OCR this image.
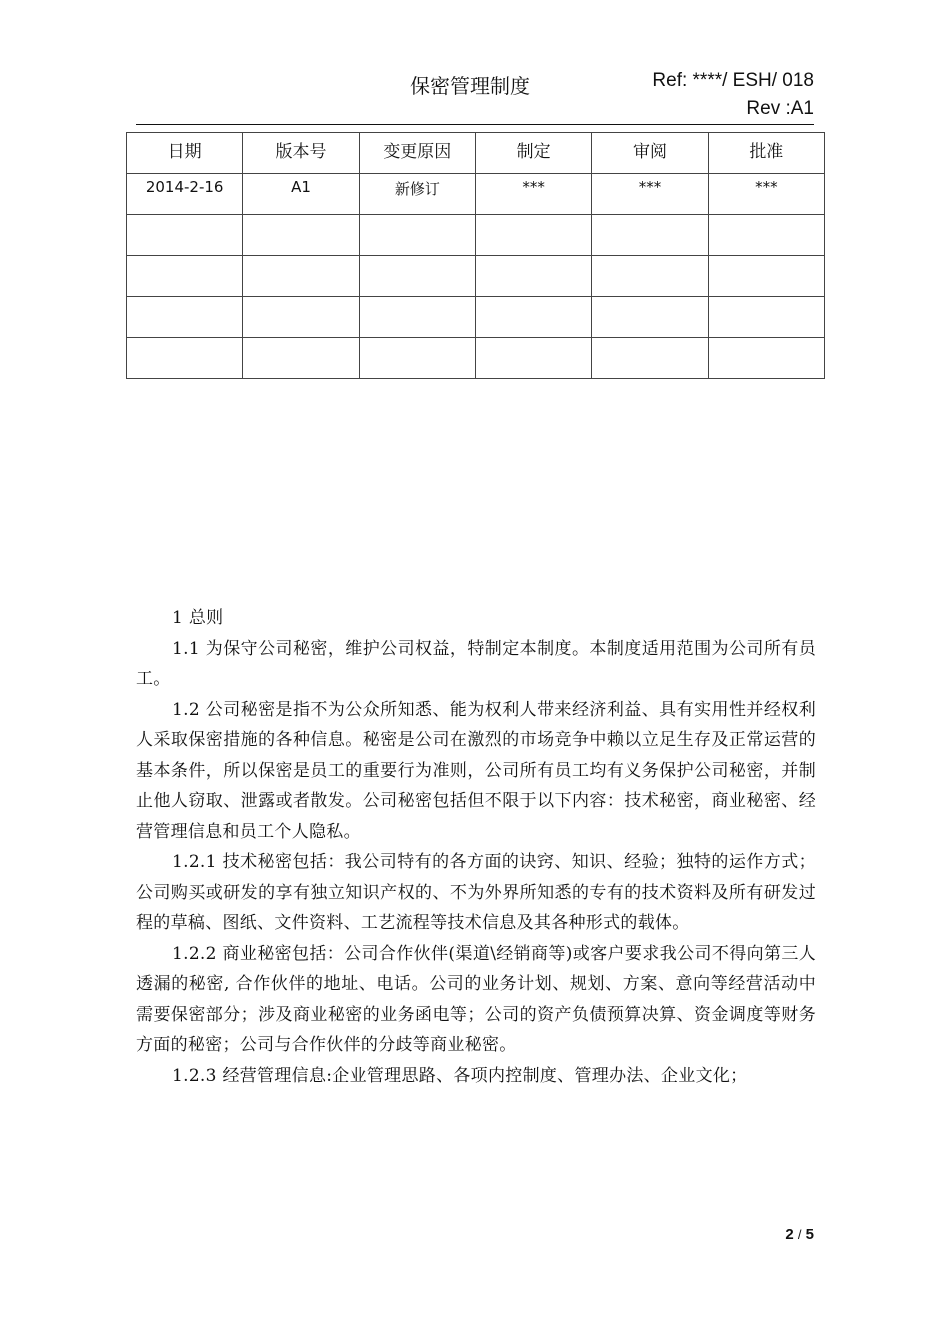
保密管理制度	Ref: ****/ ESH/ 018
Rev :A1
日期	版本号	变更原因	制定	审阅	批准
2014-2-16	A1	新修订	***	***	***

1 总则

1.1 为保守公司秘密，维护公司权益，特制定本制度。本制度适用范围为公司所有员工。

1.2 公司秘密是指不为公众所知悉、能为权利人带来经济利益、具有实用性并经权利人采取保密措施的各种信息。秘密是公司在激烈的市场竞争中赖以立足生存及正常运营的基本条件，所以保密是员工的重要行为准则，公司所有员工均有义务保护公司秘密，并制止他人窃取、泄露或者散发。公司秘密包括但不限于以下内容：技术秘密，商业秘密、经营管理信息和员工个人隐私。

1.2.1 技术秘密包括：我公司特有的各方面的诀窍、知识、经验；独特的运作方式；公司购买或研发的享有独立知识产权的、不为外界所知悉的专有的技术资料及所有研发过程的草稿、图纸、文件资料、工艺流程等技术信息及其各种形式的载体。

1.2.2 商业秘密包括：公司合作伙伴(渠道\经销商等)或客户要求我公司不得向第三人透漏的秘密, 合作伙伴的地址、电话。公司的业务计划、规划、方案、意向等经营活动中需要保密部分；涉及商业秘密的业务函电等；公司的资产负债预算决算、资金调度等财务方面的秘密；公司与合作伙伴的分歧等商业秘密。

1.2.3 经营管理信息:企业管理思路、各项内控制度、管理办法、企业文化；

2 / 5
